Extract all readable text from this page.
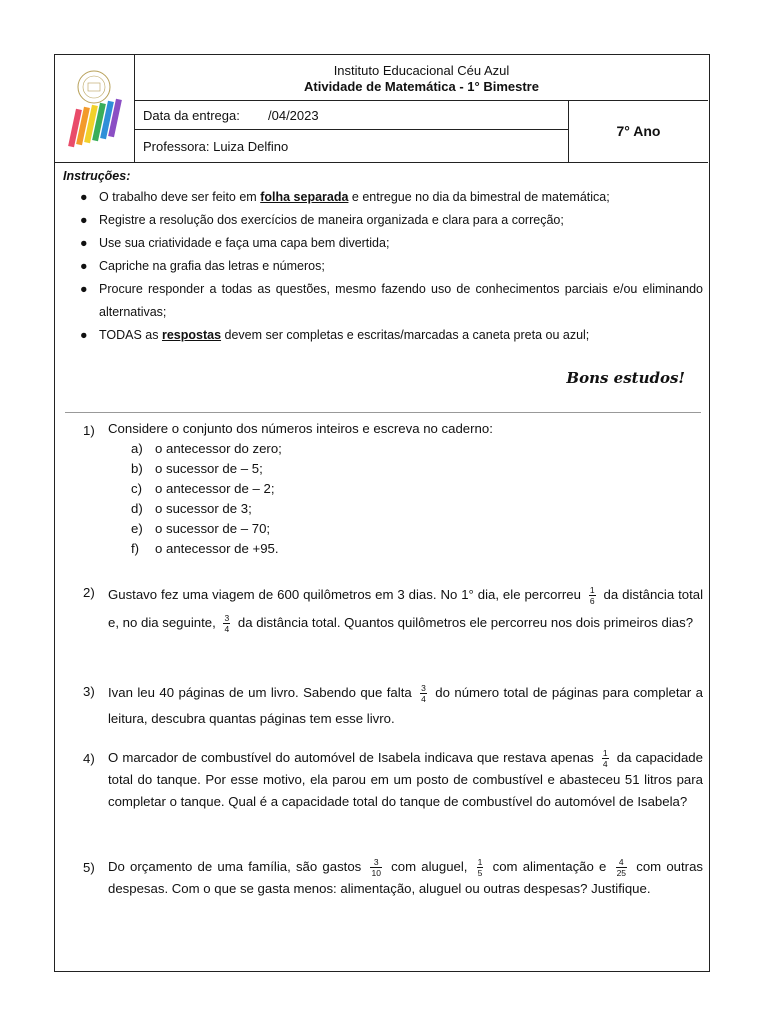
Instituto Educacional Céu Azul
Atividade de Matemática - 1° Bimestre
Data da entrega: /04/2023
Professora: Luiza Delfino
7° Ano
Instruções:
● O trabalho deve ser feito em folha separada e entregue no dia da bimestral de matemática;
● Registre a resolução dos exercícios de maneira organizada e clara para a correção;
● Use sua criatividade e faça uma capa bem divertida;
● Capriche na grafia das letras e números;
● Procure responder a todas as questões, mesmo fazendo uso de conhecimentos parciais e/ou eliminando alternativas;
● TODAS as respostas devem ser completas e escritas/marcadas a caneta preta ou azul;
Bons estudos!
1) Considere o conjunto dos números inteiros e escreva no caderno:
a) o antecessor do zero;
b) o sucessor de – 5;
c) o antecessor de – 2;
d) o sucessor de 3;
e) o sucessor de – 70;
f) o antecessor de +95.
2) Gustavo fez uma viagem de 600 quilômetros em 3 dias. No 1° dia, ele percorreu $\frac{1}{6}$ da distância total e, no dia seguinte, $\frac{3}{4}$ da distância total. Quantos quilômetros ele percorreu nos dois primeiros dias?
3) Ivan leu 40 páginas de um livro. Sabendo que falta $\frac{3}{4}$ do número total de páginas para completar a leitura, descubra quantas páginas tem esse livro.
4) O marcador de combustível do automóvel de Isabela indicava que restava apenas $\frac{1}{4}$ da capacidade total do tanque. Por esse motivo, ela parou em um posto de combustível e abasteceu 51 litros para completar o tanque. Qual é a capacidade total do tanque de combustível do automóvel de Isabela?
5) Do orçamento de uma família, são gastos $\frac{3}{10}$ com aluguel, $\frac{1}{5}$ com alimentação e $\frac{4}{25}$ com outras despesas. Com o que se gasta menos: alimentação, aluguel ou outras despesas? Justifique.
